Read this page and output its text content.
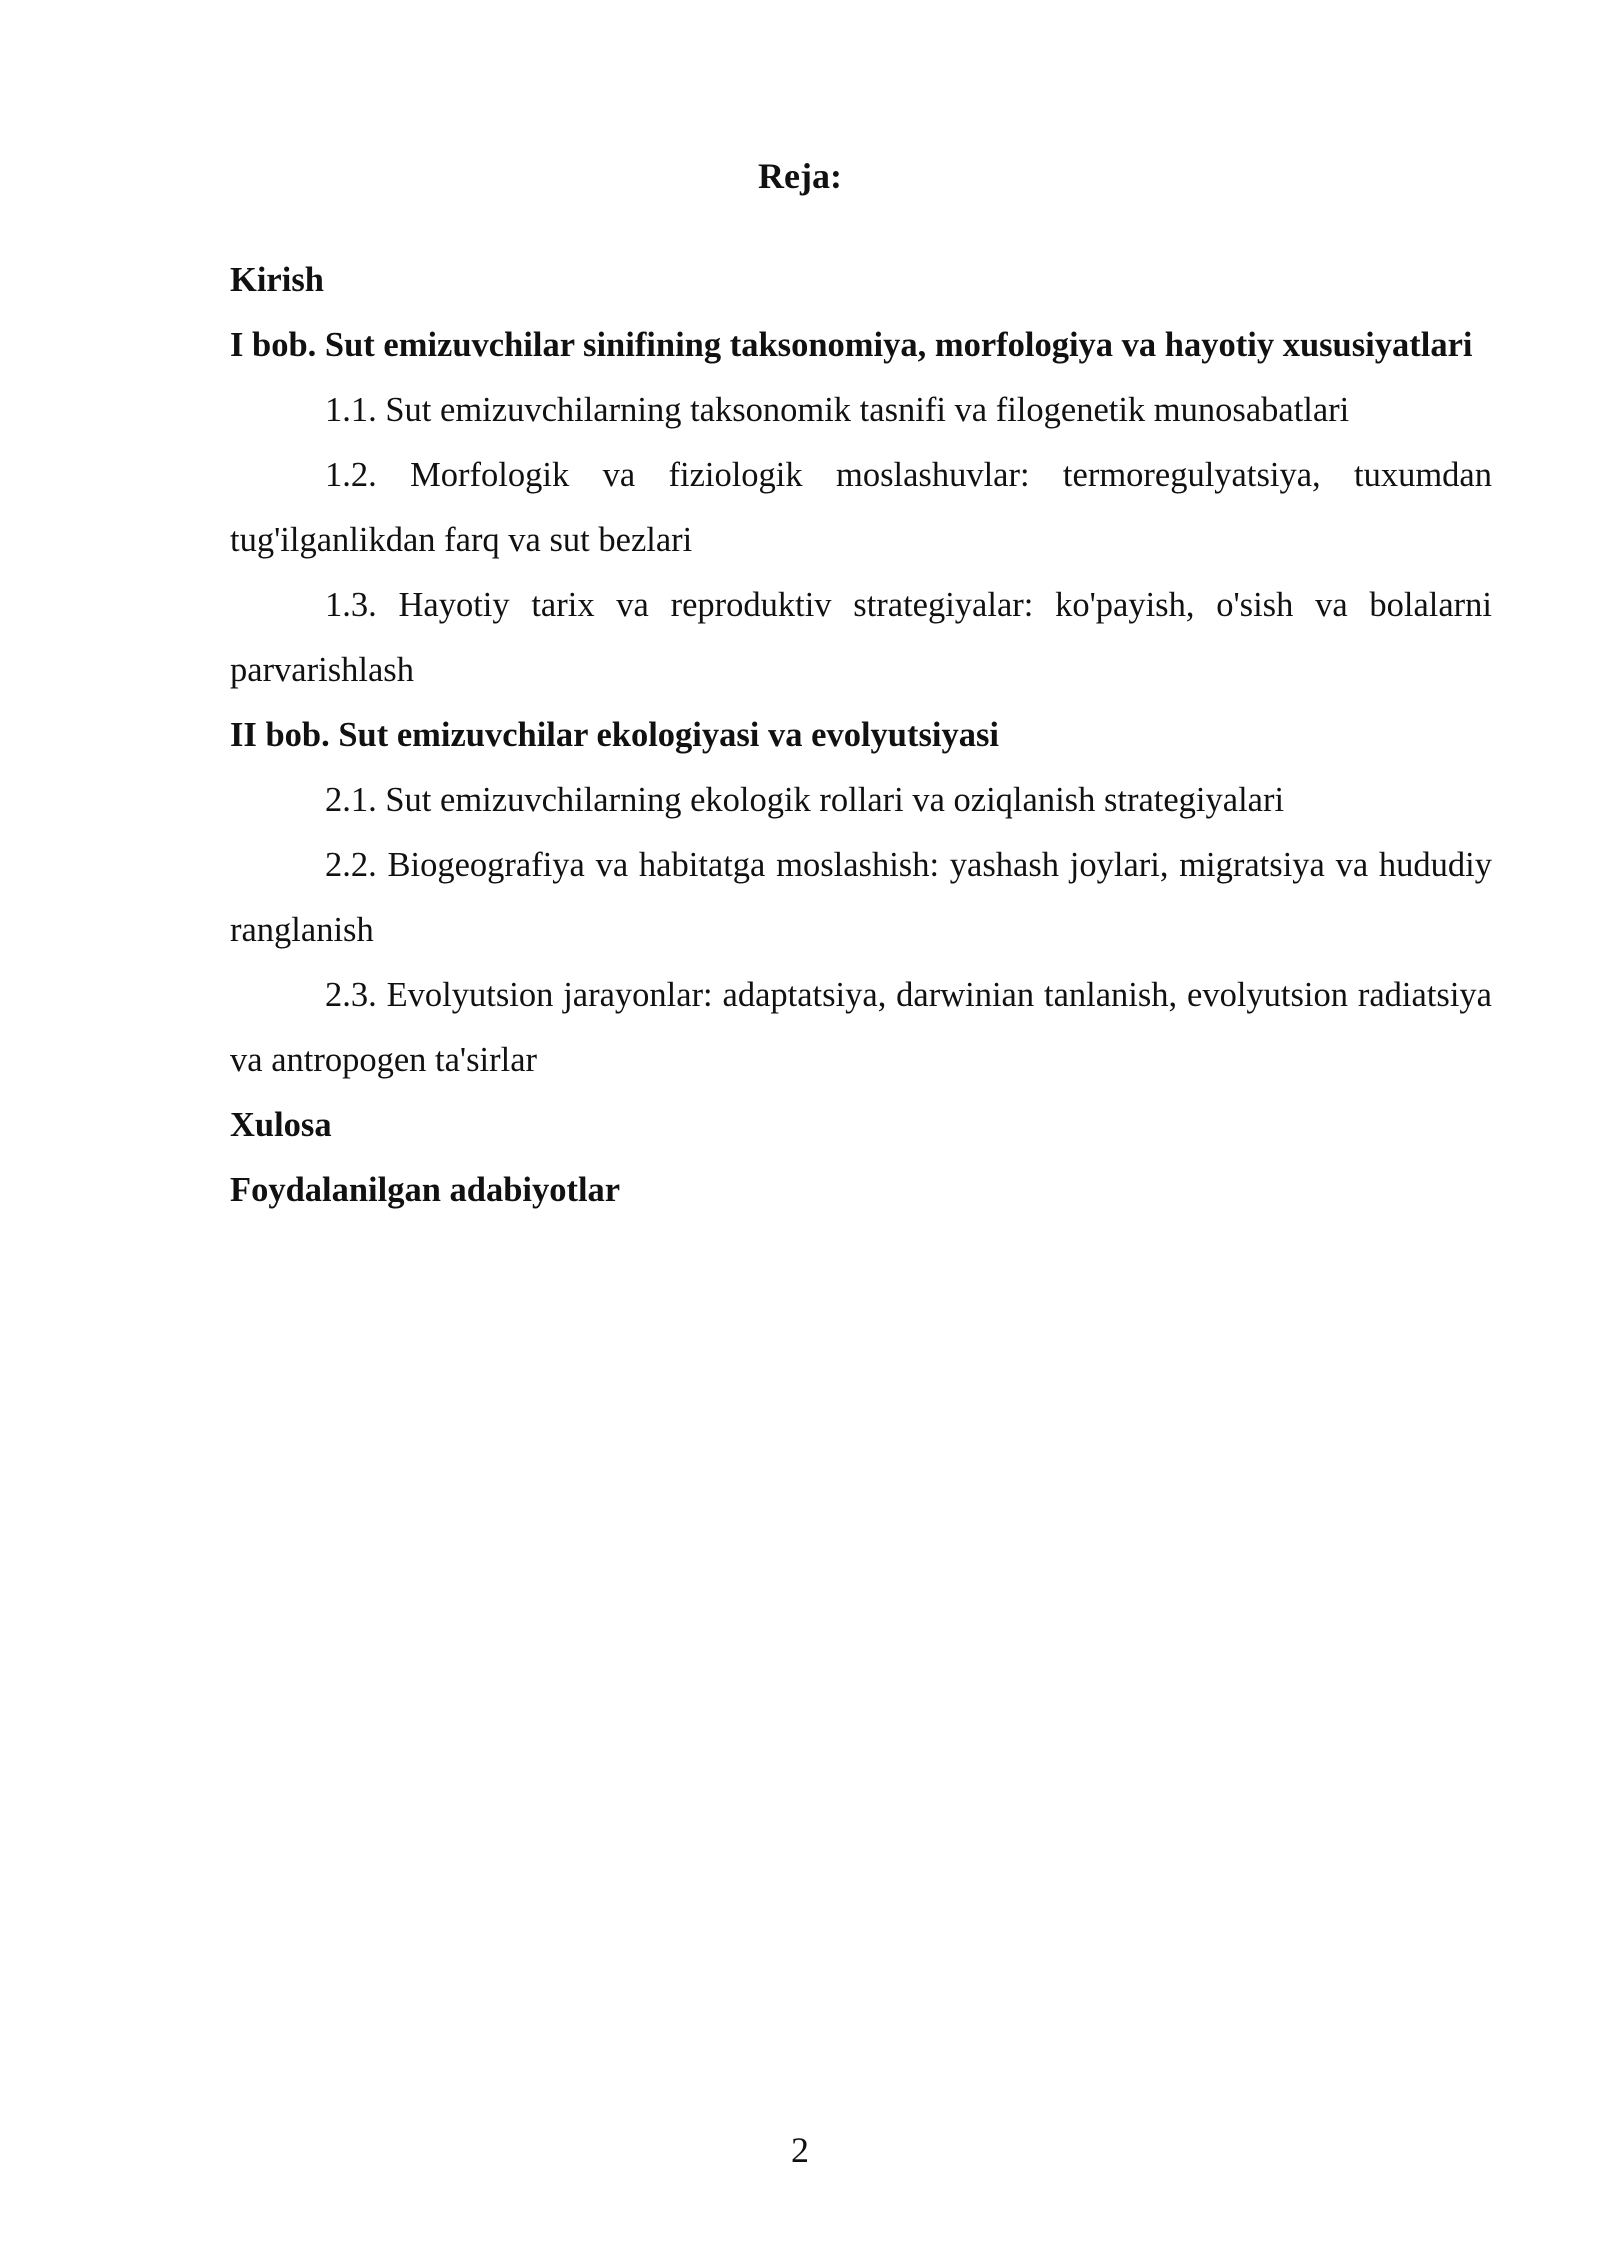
Reja:

Kirish

I bob. Sut emizuvchilar sinifining taksonomiya, morfologiya va hayotiy xususiyatlari

1.1. Sut emizuvchilarning taksonomik tasnifi va filogenetik munosabatlari

1.2. Morfologik va fiziologik moslashuvlar: termoregulyatsiya, tuxumdan tug'ilganlikdan farq va sut bezlari

1.3. Hayotiy tarix va reproduktiv strategiyalar: ko'payish, o'sish va bolalarni parvarishlash

II bob. Sut emizuvchilar ekologiyasi va evolyutsiyasi

2.1. Sut emizuvchilarning ekologik rollari va oziqlanish strategiyalari

2.2. Biogeografiya va habitatga moslashish: yashash joylari, migratsiya va hududiy ranglanish

2.3. Evolyutsion jarayonlar: adaptatsiya, darwinian tanlanish, evolyutsion radiatsiya va antropogen ta'sirlar

Xulosa

Foydalanilgan adabiyotlar

2
